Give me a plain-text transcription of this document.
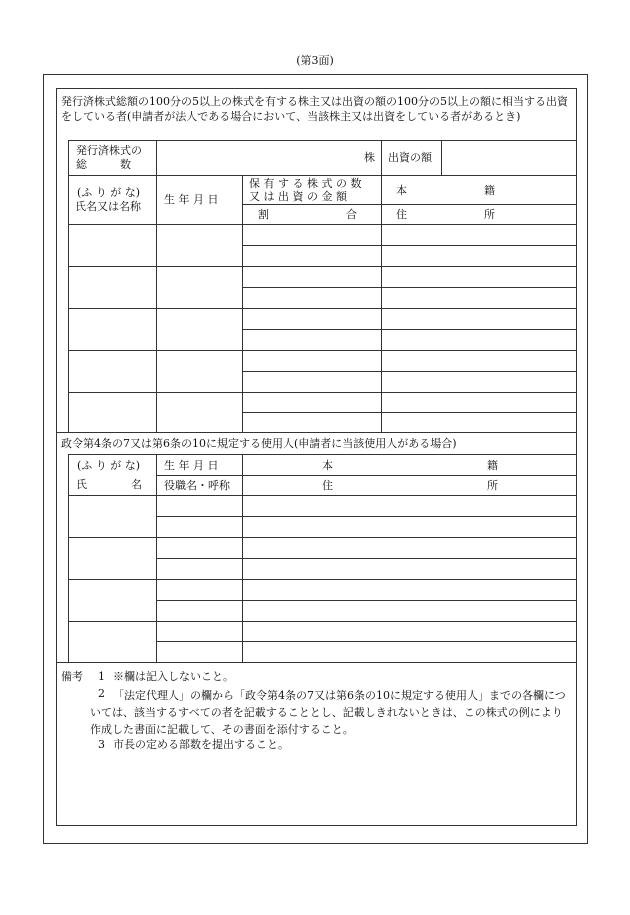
(第3面)
発行済株式総額の100分の5以上の株式を有する株主又は出資の額の100分の5以上の額に相当する出資をしている者(申請者が法人である場合において、当該株主又は出資をしている者があるとき)
発行済株式の
総　　　数
株 出資の額
(ふ り が な)
氏名又は名称
生 年 月 日
保 有 す る 株 式 の 数
又 は 出 資 の 金 額
割　　　　　　　合
本　　　　　　　籍
住　　　　　　　所
政令第4条の7又は第6条の10に規定する使用人(申請者に当該使用人がある場合)
(ふ り が な)
氏　　　　名
生 年 月 日
役職名・呼称
本　　　　　　　　　　　　　　籍
住　　　　　　　　　　　　　　所
備考 1 ※欄は記入しないこと。
2 「法定代理人」の欄から「政令第4条の7又は第6条の10に規定する使用人」までの各欄については、該当するすべての者を記載することとし、記載しきれないときは、この株式の例により作成した書面に記載して、その書面を添付すること。
3 市長の定める部数を提出すること。
